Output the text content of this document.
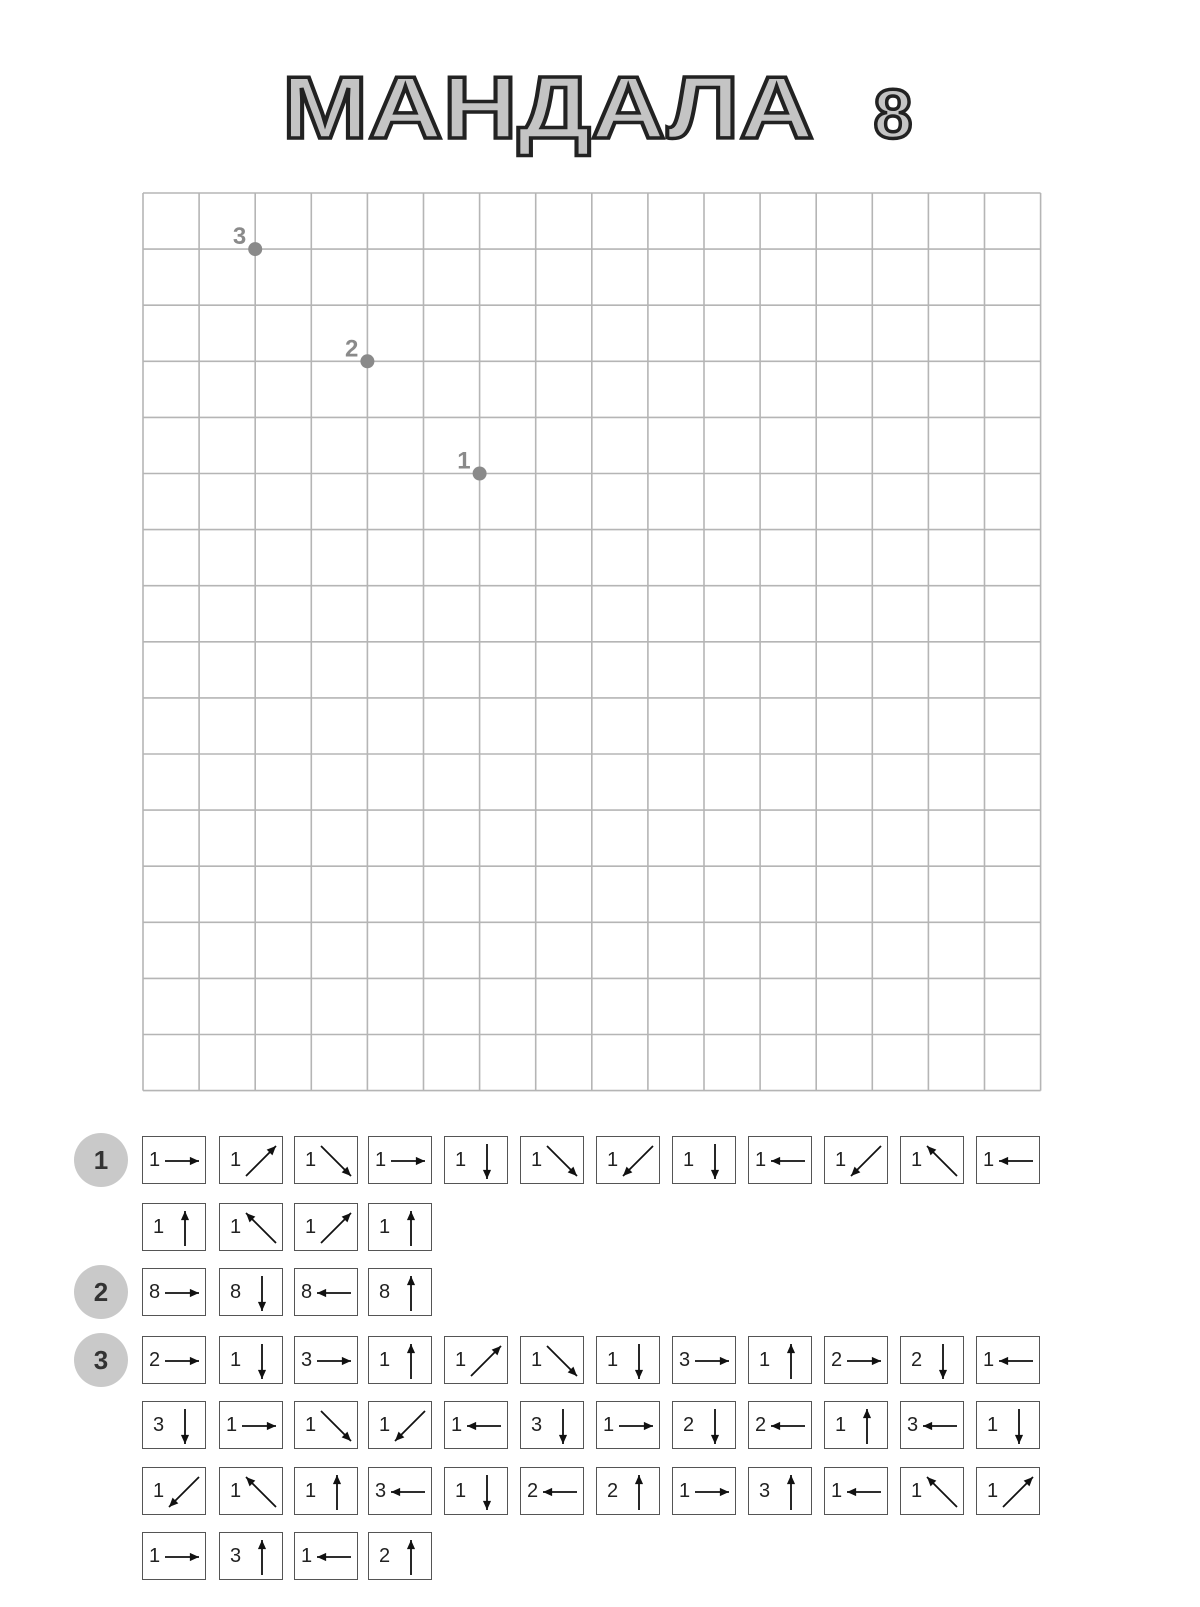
МАНДАЛА 8
3
2
1
1	1	1	1	1	1	1	1	1	1	1	1	1
1	1	1	1
2	8	8	8	8
3	2	1	3	1	1	1	1	3	1	2	2	1
3	1	1	1	1	3	1	2	2	1	3	1
1	1	1	3	1	2	2	1	3	1	1	1
1	3	1	2
